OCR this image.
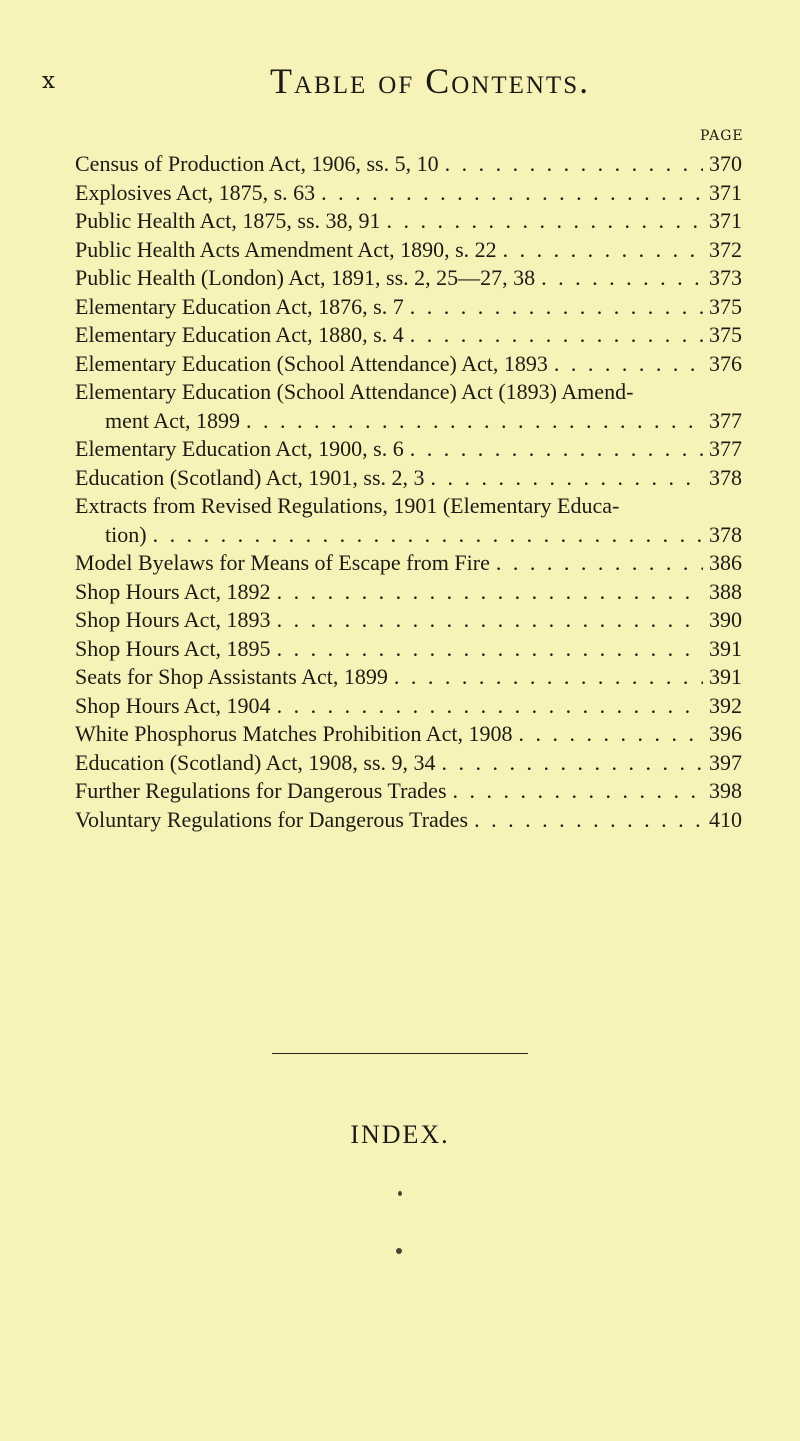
x	Table of Contents.
PAGE
Census of Production Act, 1906, ss. 5, 10 . . .	370
Explosives Act, 1875, s. 63 . . .	371
Public Health Act, 1875, ss. 38, 91 . . .	371
Public Health Acts Amendment Act, 1890, s. 22 . . .	372
Public Health (London) Act, 1891, ss. 2, 25—27, 38 . . .	373
Elementary Education Act, 1876, s. 7 . . .	375
Elementary Education Act, 1880, s. 4 . . .	375
Elementary Education (School Attendance) Act, 1893 . . .	376
Elementary Education (School Attendance) Act (1893) Amend-
ment Act, 1899 . . .	377
Elementary Education Act, 1900, s. 6 . . .	377
Education (Scotland) Act, 1901, ss. 2, 3 . . .	378
Extracts from Revised Regulations, 1901 (Elementary Educa-
tion) . . .	378
Model Byelaws for Means of Escape from Fire . . .	386
Shop Hours Act, 1892 . . .	388
Shop Hours Act, 1893 . . .	390
Shop Hours Act, 1895 . . .	391
Seats for Shop Assistants Act, 1899 . . .	391
Shop Hours Act, 1904 . . .	392
White Phosphorus Matches Prohibition Act, 1908 . . .	396
Education (Scotland) Act, 1908, ss. 9, 34 . . .	397
Further Regulations for Dangerous Trades . . .	398
Voluntary Regulations for Dangerous Trades . . .	410
INDEX.
